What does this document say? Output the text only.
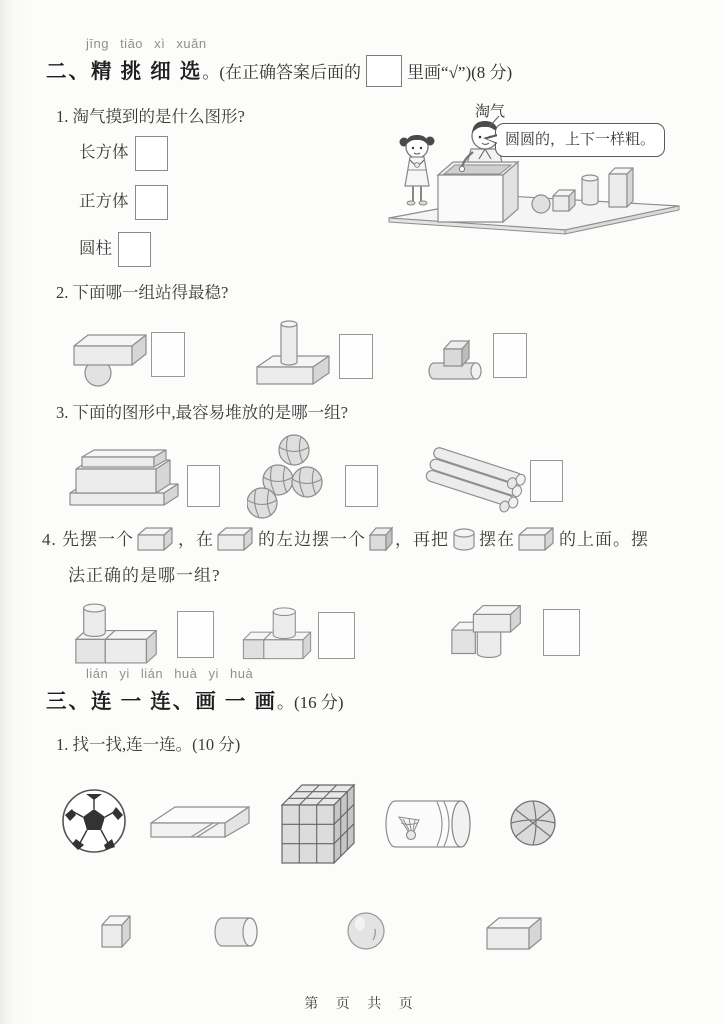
jīng tiāo xì xuǎn
二、精 挑 细 选。(在正确答案后面的	里画“√”)(8 分)
1. 淘气摸到的是什么图形?
长方体
正方体
圆柱
淘气
圆圆的，上下一样粗。
2. 下面哪一组站得最稳?
3. 下面的图形中,最容易堆放的是哪一组?
4. 先摆一个	，在	的左边摆一个 ，再把 摆在	的上面。摆
法正确的是哪一组?
lián yi lián huà yi huà
三、连 一 连、画 一 画。(16 分)
1. 找一找,连一连。(10 分)
第 页 共 页
